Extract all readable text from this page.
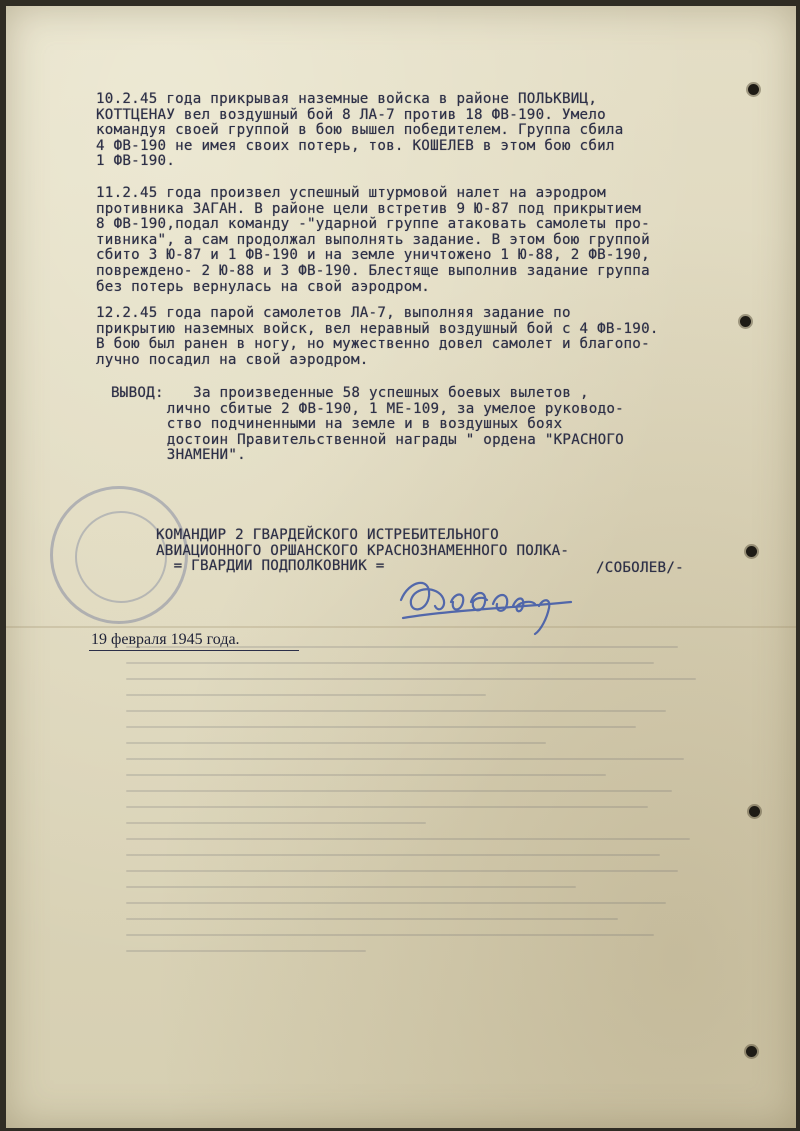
10.2.45 года прикрывая наземные войска в районе ПОЛЬКВИЦ,
КОТТЦЕНАУ вел воздушный бой 8 ЛА-7 против 18 ФВ-190. Умело
командуя своей группой в бою вышел победителем. Группа сбила
4 ФВ-190 не имея своих потерь, тов. КОШЕЛЕВ в этом бою сбил
1 ФВ-190.
11.2.45 года произвел успешный штурмовой налет на аэродром
противника ЗАГАН. В районе цели встретив 9 Ю-87 под прикрытием
8 ФВ-190,подал команду -"ударной группе атаковать самолеты про-
тивника", а сам продолжал выполнять задание. В этом бою группой
сбито 3 Ю-87 и 1 ФВ-190 и на земле уничтожено 1 Ю-88, 2 ФВ-190,
повреждено- 2 Ю-88 и 3 ФВ-190. Блестяще выполнив задание группа
без потерь вернулась на свой аэродром.
12.2.45 года парой самолетов ЛА-7, выполняя задание по
прикрытию наземных войск, вел неравный воздушный бой с 4 ФВ-190.
В бою был ранен в ногу, но мужественно довел самолет и благопо-
лучно посадил на свой аэродром.
ВЫВОД:	За произведенные 58 успешных боевых вылетов ,
лично сбитые 2 ФВ-190, 1 МЕ-109, за умелое руководо-
ство подчиненными на земле и в воздушных боях
достоин Правительственной награды " ордена "КРАСНОГО
ЗНАМЕНИ".
КОМАНДИР 2 ГВАРДЕЙСКОГО ИСТРЕБИТЕЛЬНОГО
АВИАЦИОННОГО ОРШАНСКОГО КРАСНОЗНАМЕННОГО ПОЛКА-
= ГВАРДИИ ПОДПОЛКОВНИК =	/СОБОЛЕВ/-
19 февраля 1945 года.
